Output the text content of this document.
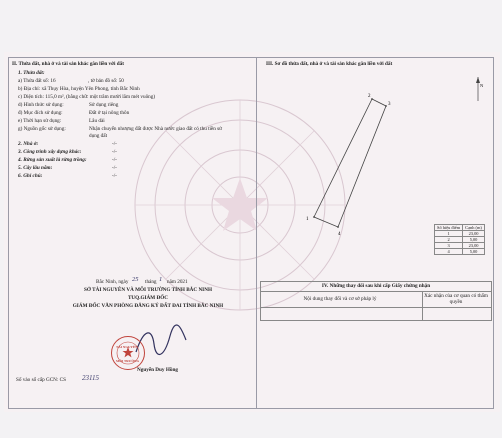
II. Thửa đất, nhà ở và tài sản khác gắn liền với đất
1. Thửa đất:
a) Thửa đất số: 16	, tờ bản đồ số: 50
b) Địa chỉ: xã Thụy Hòa, huyện Yên Phong, tỉnh Bắc Ninh
c) Diện tích: 115,0 m², (bằng chữ: một trăm mười lăm mét vuông)
d) Hình thức sử dụng:	Sử dụng riêng
đ) Mục đích sử dụng:	Đất ở tại nông thôn
e) Thời hạn sử dụng:	Lâu dài
g) Nguồn gốc sử dụng:	Nhận chuyển nhượng đất được Nhà nước giao đất có thu tiền sử
dụng đất
2. Nhà ở:	-/-
3. Công trình xây dựng khác:	-/-
4. Rừng sản xuất là rừng trồng:	-/-
5. Cây lâu năm:	-/-
6. Ghi chú:	-/-
Bắc Ninh, ngày 25 tháng 1 năm 2021
SỞ TÀI NGUYÊN VÀ MÔI TRƯỜNG TỈNH BẮC NINH
TUQ.GIÁM ĐỐC
GIÁM ĐỐC VĂN PHÒNG ĐĂNG KÝ ĐẤT ĐAI TỈNH BẮC NINH
TÀI NGUYÊN
MÔI TRƯỜNG
Nguyễn Duy Hồng
Số vào sổ cấp GCN: CS 23115
III. Sơ đồ thửa đất, nhà ở và tài sản khác gắn liền với đất
1
2
3
4
N
Số hiệu điểm	Cạnh (m)
1	23,00
2	5,00
3	23,00
4	5,00
IV. Những thay đổi sau khi cấp Giấy chứng nhận
Nội dung thay đổi và cơ sở pháp lý	Xác nhận của cơ quan có thẩm quyền
